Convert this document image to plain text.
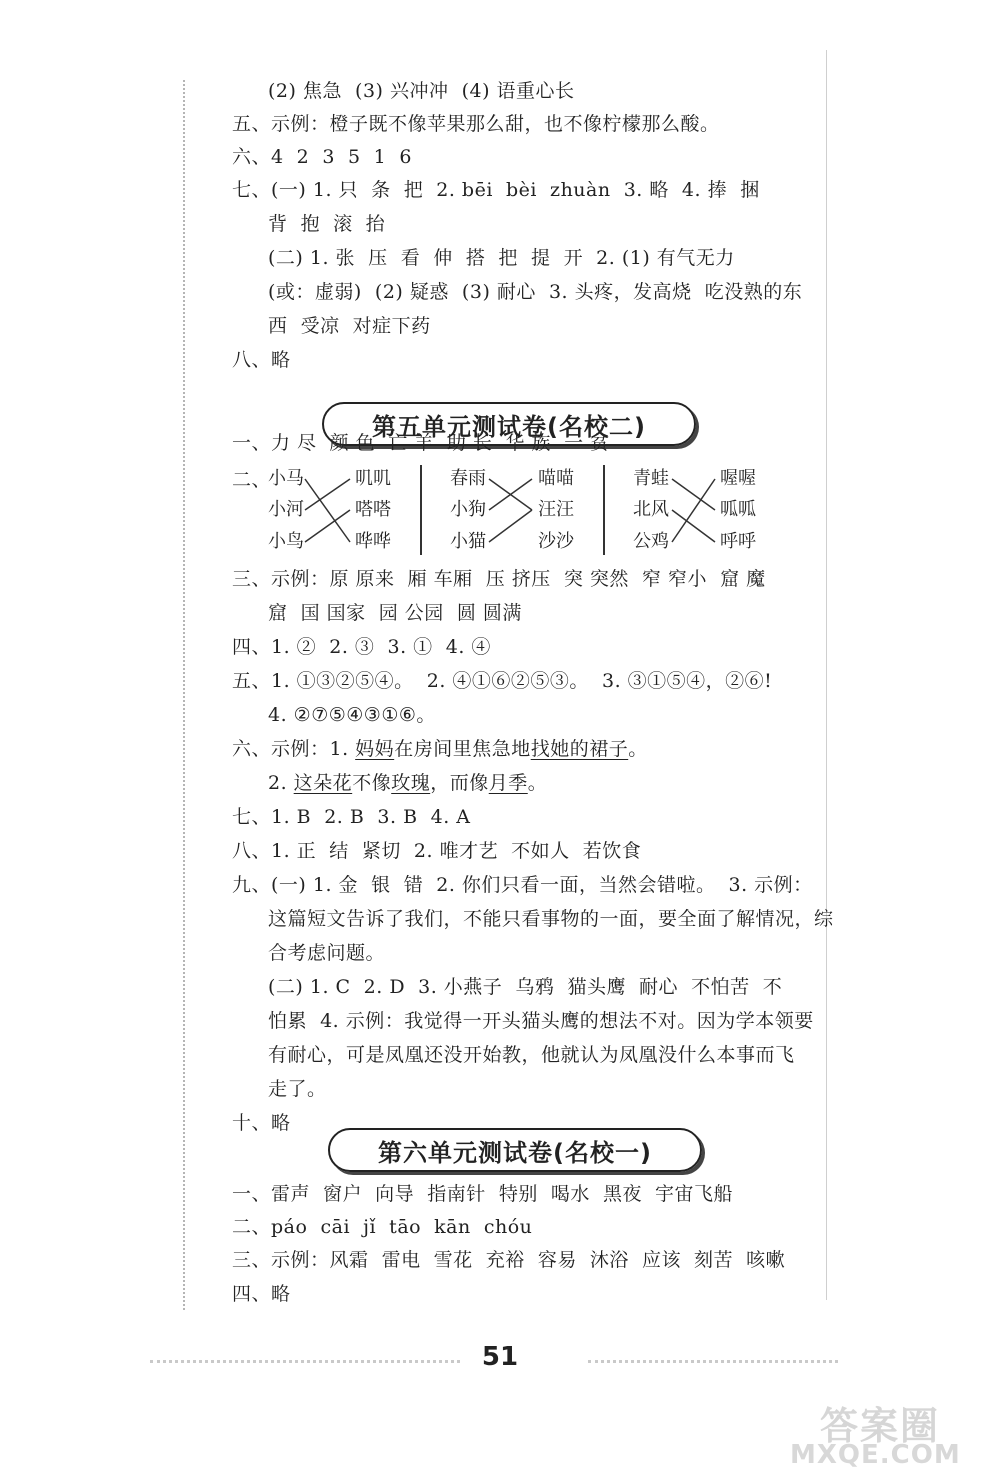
(2) 焦急  (3) 兴冲冲  (4) 语重心长
五、示例：橙子既不像苹果那么甜，也不像柠檬那么酸。
六、4  2  3  5  1  6
七、(一) 1. 只  条  把  2. bēi  bèi  zhuàn  3. 略  4. 捧  捆
背  抱  滚  抬
(二) 1. 张  压  看  伸  搭  把  提  开  2. (1) 有气无力
(或：虚弱)  (2) 疑惑  (3) 耐心  3. 头疼，发高烧  吃没熟的东
西  受凉  对症下药
八、略
第五单元测试卷(名校二)
一、力 尽  颜 色  亡 羊  助 长  华 族  一 贫
二、
小马
小河
小鸟
叽叽
嗒嗒
哗哗
春雨
小狗
小猫
喵喵
汪汪
沙沙
青蛙
北风
公鸡
喔喔
呱呱
呼呼
三、示例：原 原来  厢 车厢  压 挤压  突 突然  窄 窄小  窟 魔
窟  国 国家  园 公园  圆 圆满
四、1. ②  2. ③  3. ①  4. ④
五、1. ①③②⑤④。  2. ④①⑥②⑤③。  3. ③①⑤④，②⑥!
4. ②⑦⑤④③①⑥。
六、示例：1. 妈妈在房间里焦急地找她的裙子。
2. 这朵花不像玫瑰，而像月季。
七、1. B  2. B  3. B  4. A
八、1. 正  结  紧切  2. 唯才艺  不如人  若饮食
九、(一) 1. 金  银  错  2. 你们只看一面，当然会错啦。  3. 示例：
这篇短文告诉了我们，不能只看事物的一面，要全面了解情况，综
合考虑问题。
(二) 1. C  2. D  3. 小燕子  乌鸦  猫头鹰  耐心  不怕苦  不
怕累  4. 示例：我觉得一开头猫头鹰的想法不对。因为学本领要
有耐心，可是凤凰还没开始教，他就认为凤凰没什么本事而飞
走了。
十、略
第六单元测试卷(名校一)
一、雷声  窗户  向导  指南针  特别  喝水  黑夜  宇宙飞船
二、páo  cāi  jǐ  tāo  kān  chóu
三、示例：风霜  雷电  雪花  充裕  容易  沐浴  应该  刻苦  咳嗽
四、略
51
答案圈
MXQE.COM
